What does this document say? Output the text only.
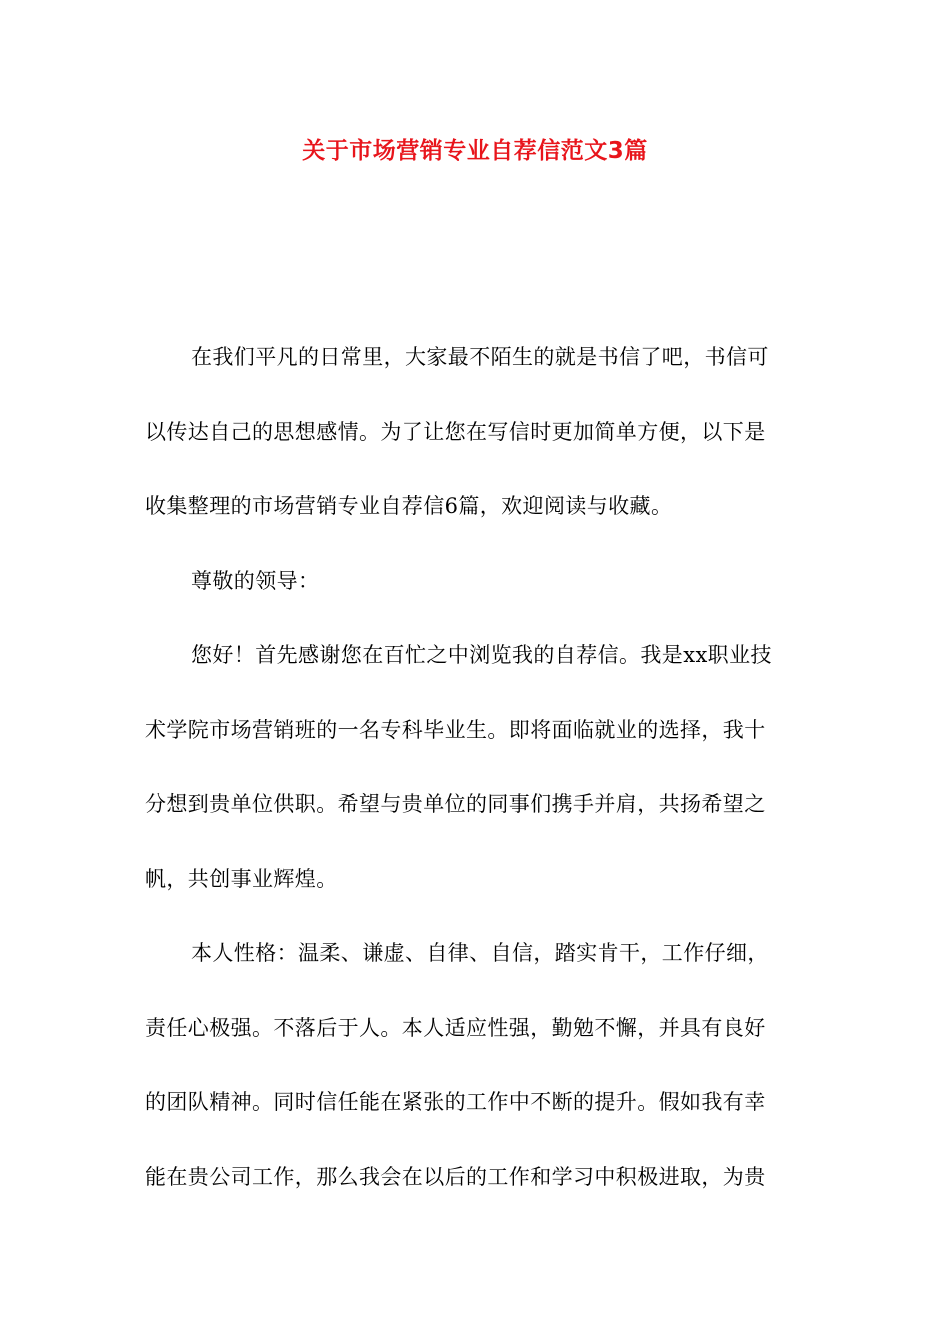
关于市场营销专业自荐信范文3篇

在我们平凡的日常里，大家最不陌生的就是书信了吧，书信可
以传达自己的思想感情。为了让您在写信时更加简单方便，以下是
收集整理的市场营销专业自荐信6篇，欢迎阅读与收藏。

尊敬的领导：

您好！首先感谢您在百忙之中浏览我的自荐信。我是xx职业技
术学院市场营销班的一名专科毕业生。即将面临就业的选择，我十
分想到贵单位供职。希望与贵单位的同事们携手并肩，共扬希望之
帆，共创事业辉煌。

本人性格：温柔、谦虚、自律、自信，踏实肯干，工作仔细，
责任心极强。不落后于人。本人适应性强，勤勉不懈，并具有良好
的团队精神。同时信任能在紧张的工作中不断的提升。假如我有幸
能在贵公司工作，那么我会在以后的工作和学习中积极进取，为贵
